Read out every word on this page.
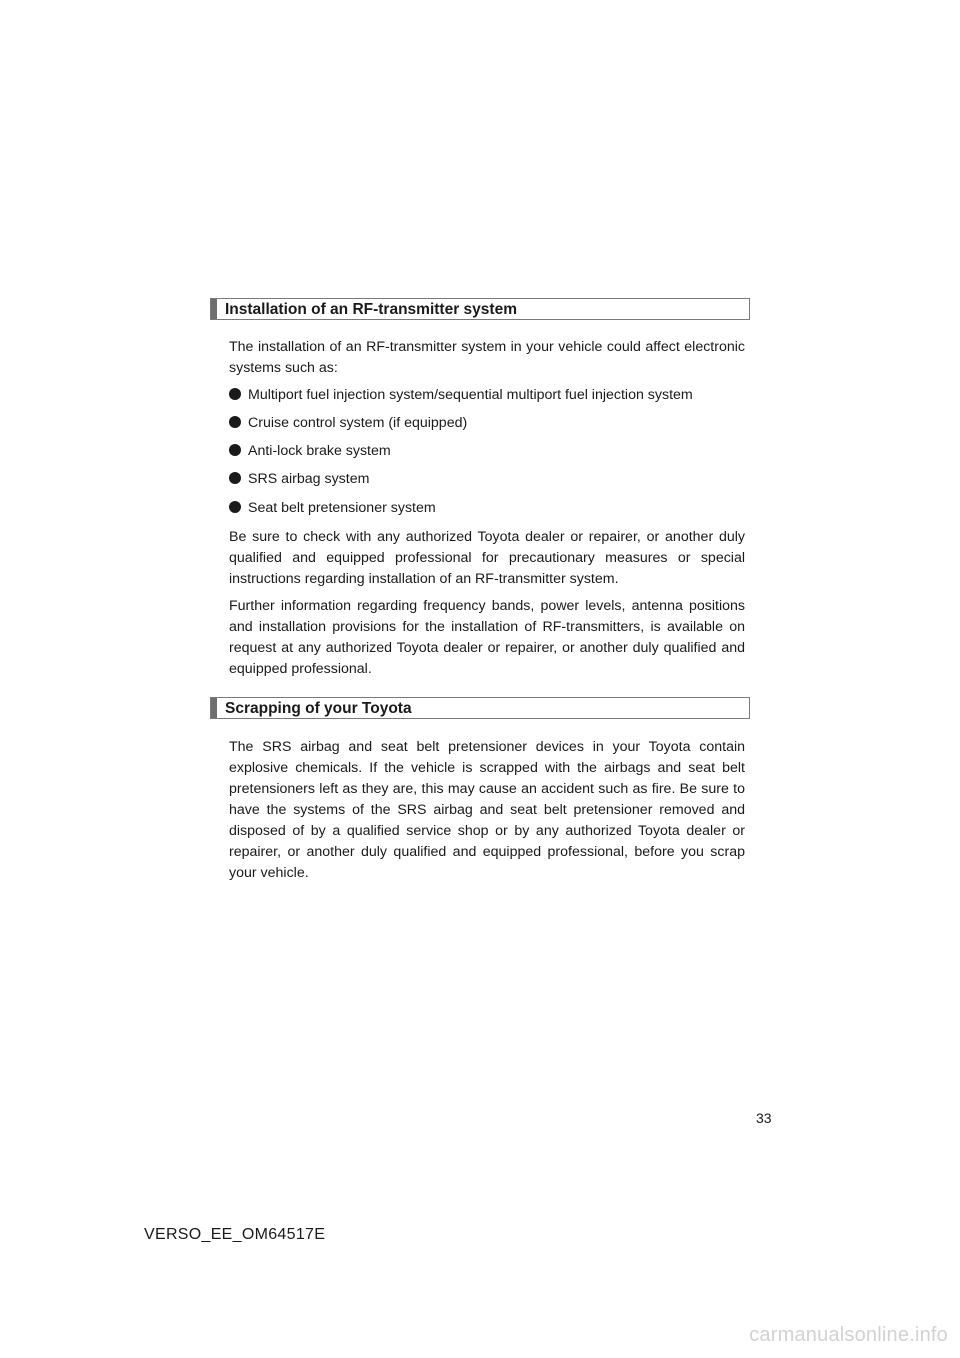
Installation of an RF-transmitter system

The installation of an RF-transmitter system in your vehicle could affect electronic systems such as:

Multiport fuel injection system/sequential multiport fuel injection system
Cruise control system (if equipped)
Anti-lock brake system
SRS airbag system
Seat belt pretensioner system

Be sure to check with any authorized Toyota dealer or repairer, or another duly qualified and equipped professional for precautionary measures or special instructions regarding installation of an RF-transmitter system.

Further information regarding frequency bands, power levels, antenna positions and installation provisions for the installation of RF-transmitters, is available on request at any authorized Toyota dealer or repairer, or another duly qualified and equipped professional.

Scrapping of your Toyota

The SRS airbag and seat belt pretensioner devices in your Toyota contain explosive chemicals. If the vehicle is scrapped with the airbags and seat belt pretensioners left as they are, this may cause an accident such as fire. Be sure to have the systems of the SRS airbag and seat belt pretensioner removed and disposed of by a qualified service shop or by any authorized Toyota dealer or repairer, or another duly qualified and equipped professional, before you scrap your vehicle.

33
VERSO_EE_OM64517E
carmanualsonline.info
